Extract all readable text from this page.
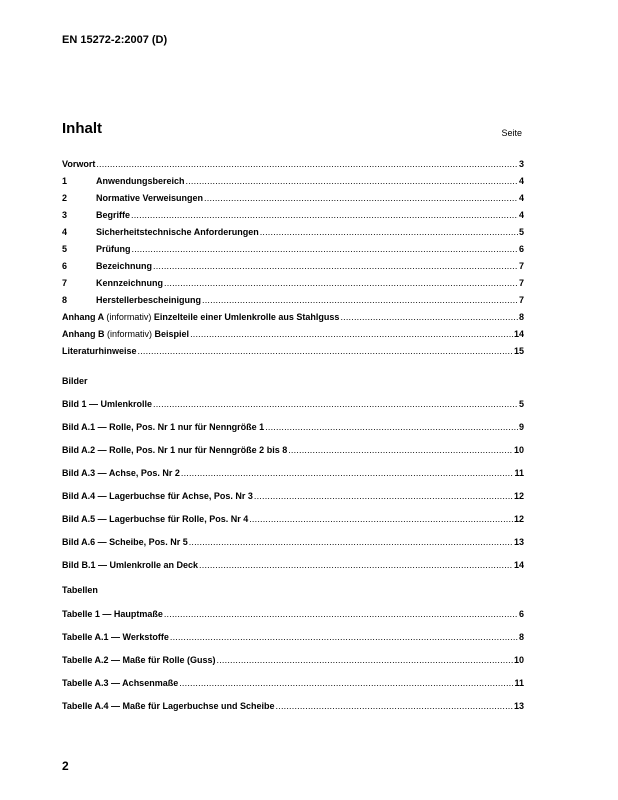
EN 15272-2:2007 (D)
Inhalt	Seite
Vorwort .....	3
1	Anwendungsbereich .....	4
2	Normative Verweisungen .....	4
3	Begriffe .....	4
4	Sicherheitstechnische Anforderungen .....	5
5	Prüfung .....	6
6	Bezeichnung .....	7
7	Kennzeichnung .....	7
8	Herstellerbescheinigung .....	7
Anhang A (informativ) Einzelteile einer Umlenkrolle aus Stahlguss .....	8
Anhang B (informativ) Beispiel .....	14
Literaturhinweise .....	15
Bilder
Bild 1 — Umlenkrolle .....	5
Bild A.1 — Rolle, Pos. Nr 1 nur für Nenngröße 1 .....	9
Bild A.2 — Rolle, Pos. Nr 1 nur für Nenngröße 2 bis 8 .....	10
Bild A.3 — Achse, Pos. Nr 2 .....	11
Bild A.4 — Lagerbuchse für Achse, Pos. Nr 3 .....	12
Bild A.5 — Lagerbuchse für Rolle, Pos. Nr 4 .....	12
Bild A.6 — Scheibe, Pos. Nr 5 .....	13
Bild B.1 — Umlenkrolle an Deck .....	14
Tabellen
Tabelle 1 — Hauptmaße .....	6
Tabelle A.1 — Werkstoffe .....	8
Tabelle A.2 — Maße für Rolle (Guss) .....	10
Tabelle A.3 — Achsenmaße .....	11
Tabelle A.4 — Maße für Lagerbuchse und Scheibe .....	13
2
